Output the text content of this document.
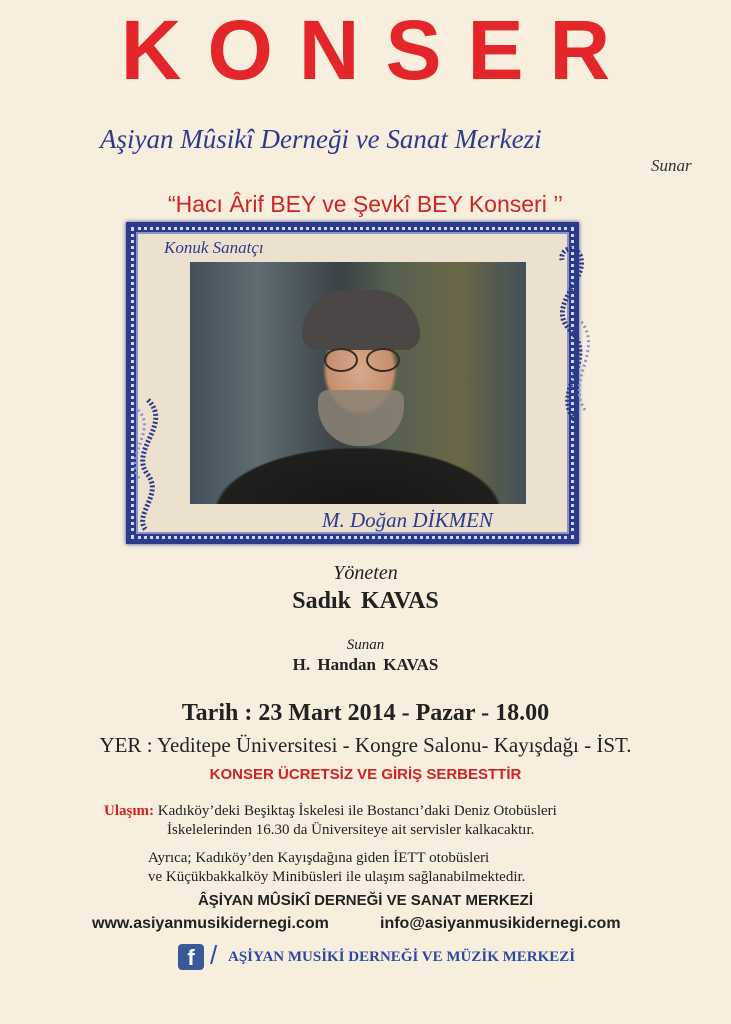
KONSER
Aşiyan Mûsikî Derneği ve Sanat Merkezi
Sunar
“Hacı Ârif BEY ve Şevkî BEY Konseri ’’
Konuk Sanatçı
M. Doğan DİKMEN
Yöneten
Sadık KAVAS
Sunan
H. Handan KAVAS
Tarih : 23 Mart 2014 - Pazar - 18.00
YER : Yeditepe Üniversitesi - Kongre Salonu- Kayışdağı - İST.
KONSER ÜCRETSİZ VE GİRİŞ SERBESTTİR
Ulaşım: Kadıköy’deki Beşiktaş İskelesi ile Bostancı’daki Deniz Otobüsleri
İskelelerinden 16.30 da Üniversiteye ait servisler kalkacaktır.
Ayrıca; Kadıköy’den Kayışdağına giden İETT otobüsleri
ve Küçükbakkalköy Minibüsleri ile ulaşım sağlanabilmektedir.
ÂŞİYAN MÛSİKÎ DERNEĞİ VE SANAT MERKEZİ
www.asiyanmusikidernegi.com	info@asiyanmusikidernegi.com
f / AŞİYAN MUSİKİ DERNEĞİ VE MÜZİK MERKEZİ
